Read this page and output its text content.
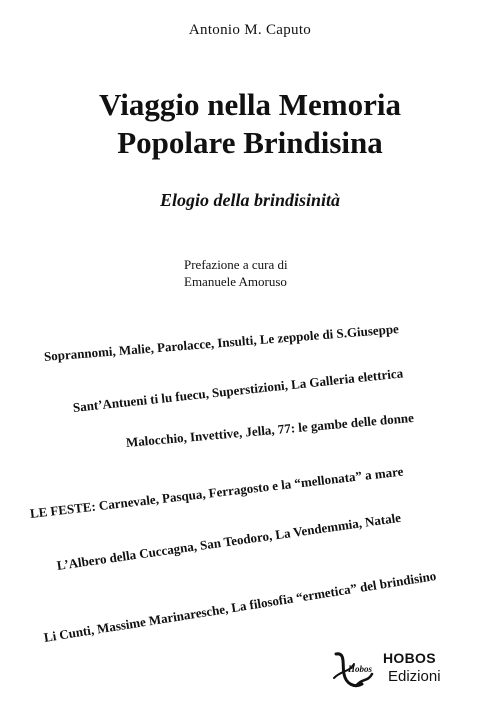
Antonio M. Caputo
Viaggio nella Memoria
Popolare Brindisina
Elogio della brindisinità
Prefazione a cura di
Emanuele Amoruso
Soprannomi, Malie, Parolacce, Insulti, Le zeppole di S.Giuseppe
Sant’Antueni ti lu fuecu, Superstizioni, La Galleria elettrica
Malocchio, Invettive, Jella, 77: le gambe delle donne
LE FESTE: Carnevale, Pasqua, Ferragosto e la “mellonata” a mare
L’Albero della Cuccagna, San Teodoro, La Vendemmia, Natale
Li Cunti, Massime Marinaresche, La filosofia “ermetica” del brindisino
Hobos
HOBOS
Edizioni
